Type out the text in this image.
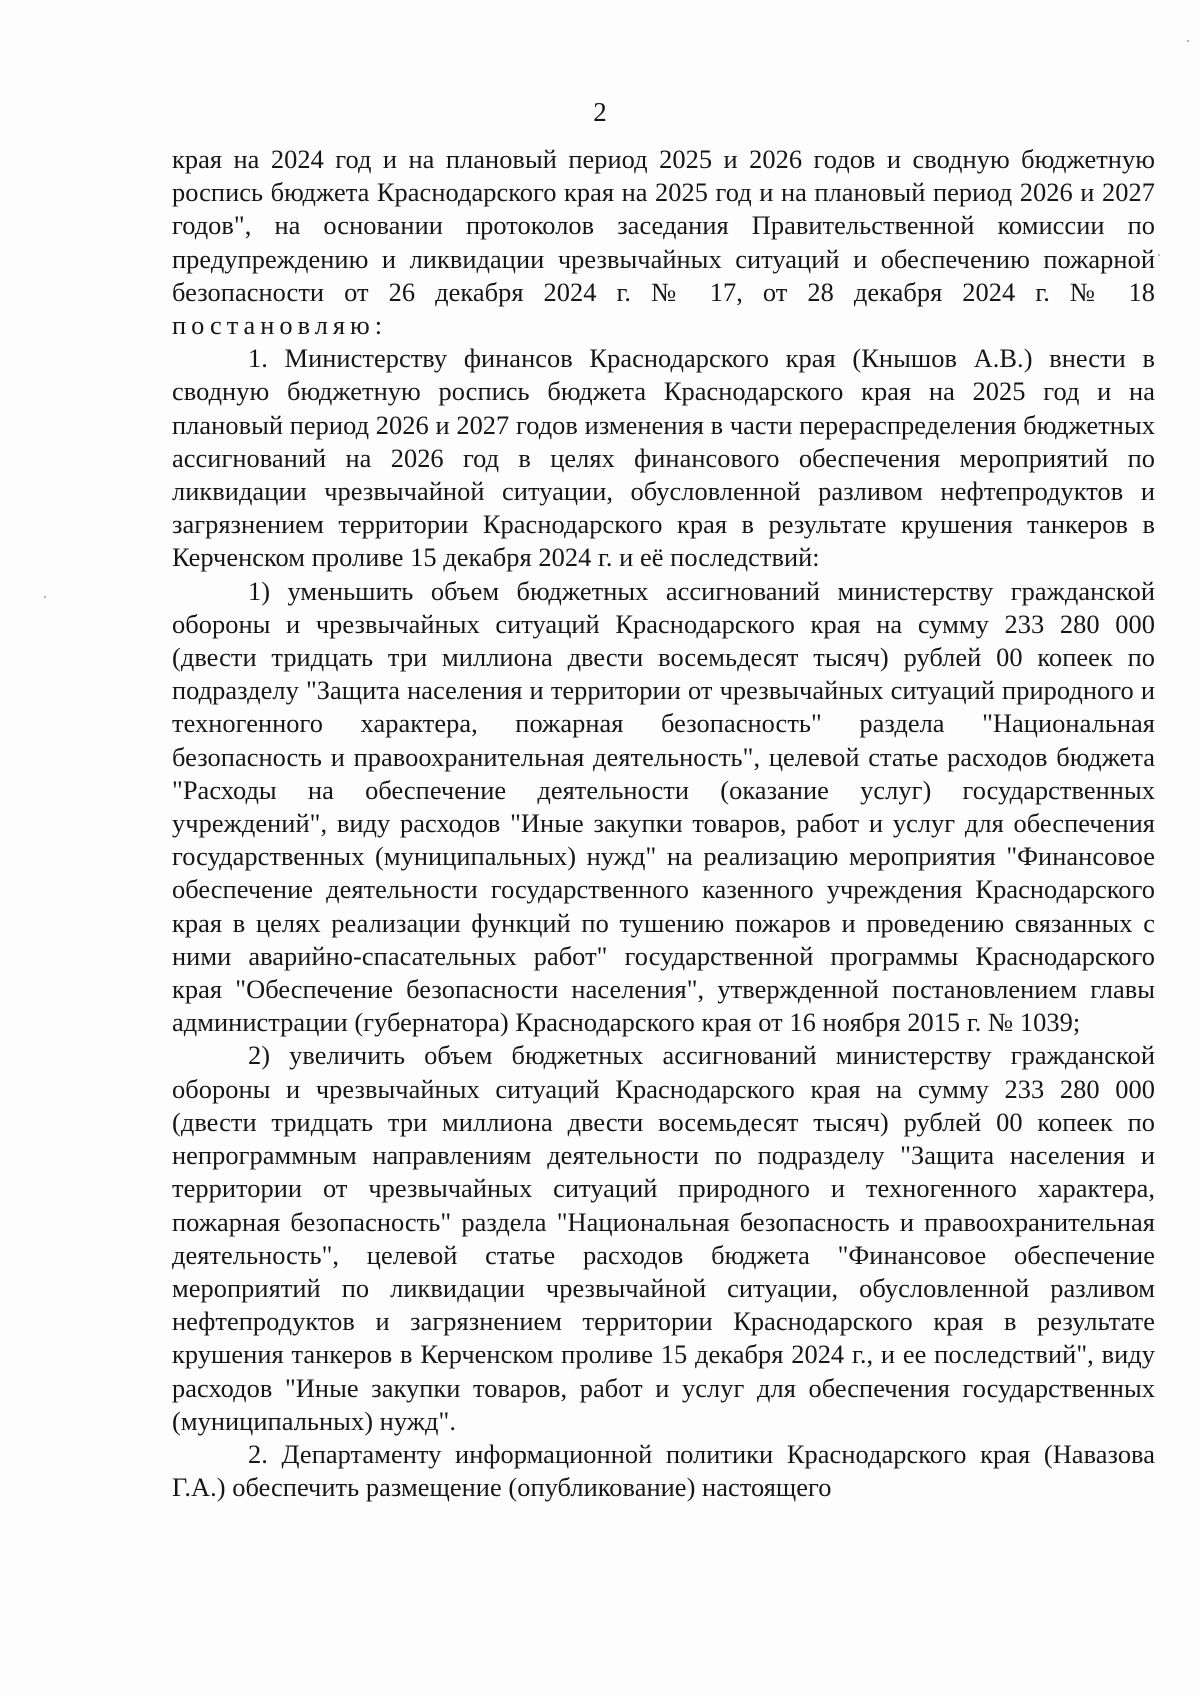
2

края на 2024 год и на плановый период 2025 и 2026 годов и сводную бюджетную роспись бюджета Краснодарского края на 2025 год и на плановый период 2026 и 2027 годов", на основании протоколов заседания Правительственной комиссии по предупреждению и ликвидации чрезвычайных ситуаций и обеспечению пожарной безопасности от 26 декабря 2024 г. № 17, от 28 декабря 2024 г. № 18 постановляю:

1. Министерству финансов Краснодарского края (Кнышов А.В.) внести в сводную бюджетную роспись бюджета Краснодарского края на 2025 год и на плановый период 2026 и 2027 годов изменения в части перераспределения бюджетных ассигнований на 2026 год в целях финансового обеспечения мероприятий по ликвидации чрезвычайной ситуации, обусловленной разливом нефтепродуктов и загрязнением территории Краснодарского края в результате крушения танкеров в Керченском проливе 15 декабря 2024 г. и её последствий:

1) уменьшить объем бюджетных ассигнований министерству гражданской обороны и чрезвычайных ситуаций Краснодарского края на сумму 233 280 000 (двести тридцать три миллиона двести восемьдесят тысяч) рублей 00 копеек по подразделу "Защита населения и территории от чрезвычайных ситуаций природного и техногенного характера, пожарная безопасность" раздела "Национальная безопасность и правоохранительная деятельность", целевой статье расходов бюджета "Расходы на обеспечение деятельности (оказание услуг) государственных учреждений", виду расходов "Иные закупки товаров, работ и услуг для обеспечения государственных (муниципальных) нужд" на реализацию мероприятия "Финансовое обеспечение деятельности государственного казенного учреждения Краснодарского края в целях реализации функций по тушению пожаров и проведению связанных с ними аварийно-спасательных работ" государственной программы Краснодарского края "Обеспечение безопасности населения", утвержденной постановлением главы администрации (губернатора) Краснодарского края от 16 ноября 2015 г. № 1039;

2) увеличить объем бюджетных ассигнований министерству гражданской обороны и чрезвычайных ситуаций Краснодарского края на сумму 233 280 000 (двести тридцать три миллиона двести восемьдесят тысяч) рублей 00 копеек по непрограммным направлениям деятельности по подразделу "Защита населения и территории от чрезвычайных ситуаций природного и техногенного характера, пожарная безопасность" раздела "Национальная безопасность и правоохранительная деятельность", целевой статье расходов бюджета "Финансовое обеспечение мероприятий по ликвидации чрезвычайной ситуации, обусловленной разливом нефтепродуктов и загрязнением территории Краснодарского края в результате крушения танкеров в Керченском проливе 15 декабря 2024 г., и ее последствий", виду расходов "Иные закупки товаров, работ и услуг для обеспечения государственных (муниципальных) нужд".

2. Департаменту информационной политики Краснодарского края (Навазова Г.А.) обеспечить размещение (опубликование) настоящего
